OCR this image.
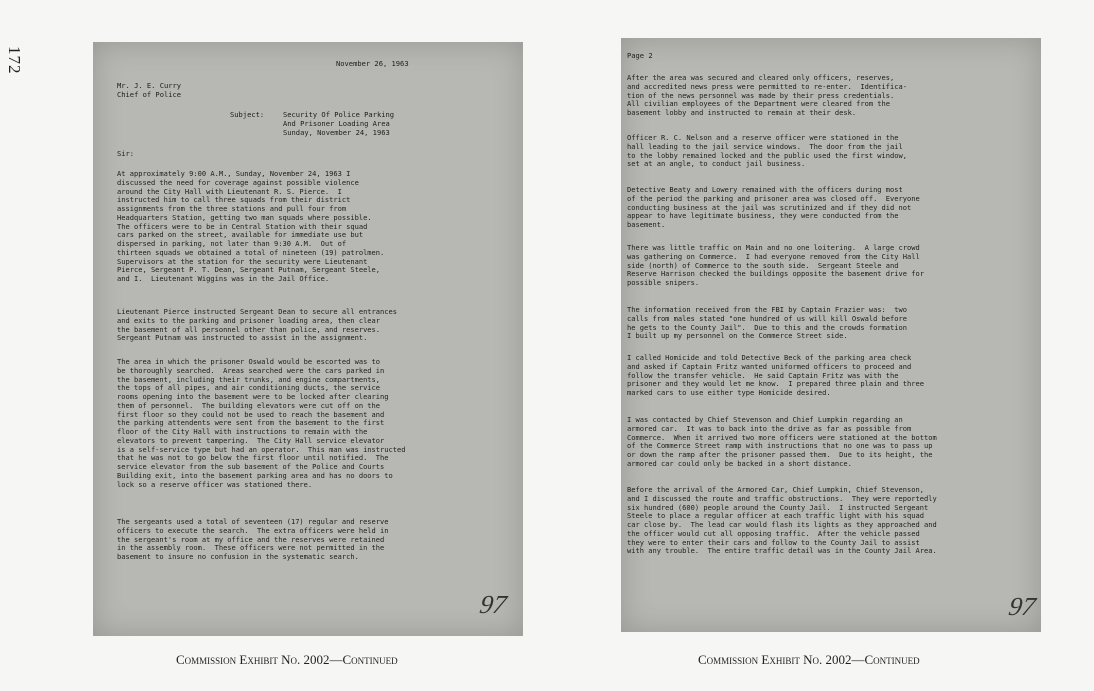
172	November 26, 1963
Mr. J. E. Curry
Chief of Police
Subject:	Security Of Police Parking
And Prisoner Loading Area
Sunday, November 24, 1963
Sir:
At approximately 9:00 A.M., Sunday, November 24, 1963 I
discussed the need for coverage against possible violence
around the City Hall with Lieutenant R. S. Pierce.  I
instructed him to call three squads from their district
assignments from the three stations and pull four from
Headquarters Station, getting two man squads where possible.
The officers were to be in Central Station with their squad
cars parked on the street, available for immediate use but
dispersed in parking, not later than 9:30 A.M.  Out of
thirteen squads we obtained a total of nineteen (19) patrolmen.
Supervisors at the station for the security were Lieutenant
Pierce, Sergeant P. T. Dean, Sergeant Putnam, Sergeant Steele,
and I.  Lieutenant Wiggins was in the Jail Office.
Lieutenant Pierce instructed Sergeant Dean to secure all entrances
and exits to the parking and prisoner loading area, then clear
the basement of all personnel other than police, and reserves.
Sergeant Putnam was instructed to assist in the assignment.
The area in which the prisoner Oswald would be escorted was to
be thoroughly searched.  Areas searched were the cars parked in
the basement, including their trunks, and engine compartments,
the tops of all pipes, and air conditioning ducts, the service
rooms opening into the basement were to be locked after clearing
them of personnel.  The building elevators were cut off on the
first floor so they could not be used to reach the basement and
the parking attendents were sent from the basement to the first
floor of the City Hall with instructions to remain with the
elevators to prevent tampering.  The City Hall service elevator
is a self-service type but had an operator.  This man was instructed
that he was not to go below the first floor until notified.  The
service elevator from the sub basement of the Police and Courts
Building exit, into the basement parking area and has no doors to
lock so a reserve officer was stationed there.
The sergeants used a total of seventeen (17) regular and reserve
officers to execute the search.  The extra officers were held in
the sergeant's room at my office and the reserves were retained
in the assembly room.  These officers were not permitted in the
basement to insure no confusion in the systematic search.
97
Page 2
After the area was secured and cleared only officers, reserves,
and accredited news press were permitted to re-enter.  Identifica-
tion of the news personnel was made by their press credentials.
All civilian employees of the Department were cleared from the
basement lobby and instructed to remain at their desk.
Officer R. C. Nelson and a reserve officer were stationed in the
hall leading to the jail service windows.  The door from the jail
to the lobby remained locked and the public used the first window,
set at an angle, to conduct jail business.
Detective Beaty and Lowery remained with the officers during most
of the period the parking and prisoner area was closed off.  Everyone
conducting business at the jail was scrutinized and if they did not
appear to have legitimate business, they were conducted from the
basement.
There was little traffic on Main and no one loitering.  A large crowd
was gathering on Commerce.  I had everyone removed from the City Hall
side (north) of Commerce to the south side.  Sergeant Steele and
Reserve Harrison checked the buildings opposite the basement drive for
possible snipers.
The information received from the FBI by Captain Frazier was:  two
calls from males stated "one hundred of us will kill Oswald before
he gets to the County Jail".  Due to this and the crowds formation
I built up my personnel on the Commerce Street side.
I called Homicide and told Detective Beck of the parking area check
and asked if Captain Fritz wanted uniformed officers to proceed and
follow the transfer vehicle.  He said Captain Fritz was with the
prisoner and they would let me know.  I prepared three plain and three
marked cars to use either type Homicide desired.
I was contacted by Chief Stevenson and Chief Lumpkin regarding an
armored car.  It was to back into the drive as far as possible from
Commerce.  When it arrived two more officers were stationed at the bottom
of the Commerce Street ramp with instructions that no one was to pass up
or down the ramp after the prisoner passed them.  Due to its height, the
armored car could only be backed in a short distance.
Before the arrival of the Armored Car, Chief Lumpkin, Chief Stevenson,
and I discussed the route and traffic obstructions.  They were reportedly
six hundred (600) people around the County Jail.  I instructed Sergeant
Steele to place a regular officer at each traffic light with his squad
car close by.  The lead car would flash its lights as they approached and
the officer would cut all opposing traffic.  After the vehicle passed
they were to enter their cars and follow to the County Jail to assist
with any trouble.  The entire traffic detail was in the County Jail Area.
97
Commission Exhibit No. 2002—Continued	Commission Exhibit No. 2002—Continued
